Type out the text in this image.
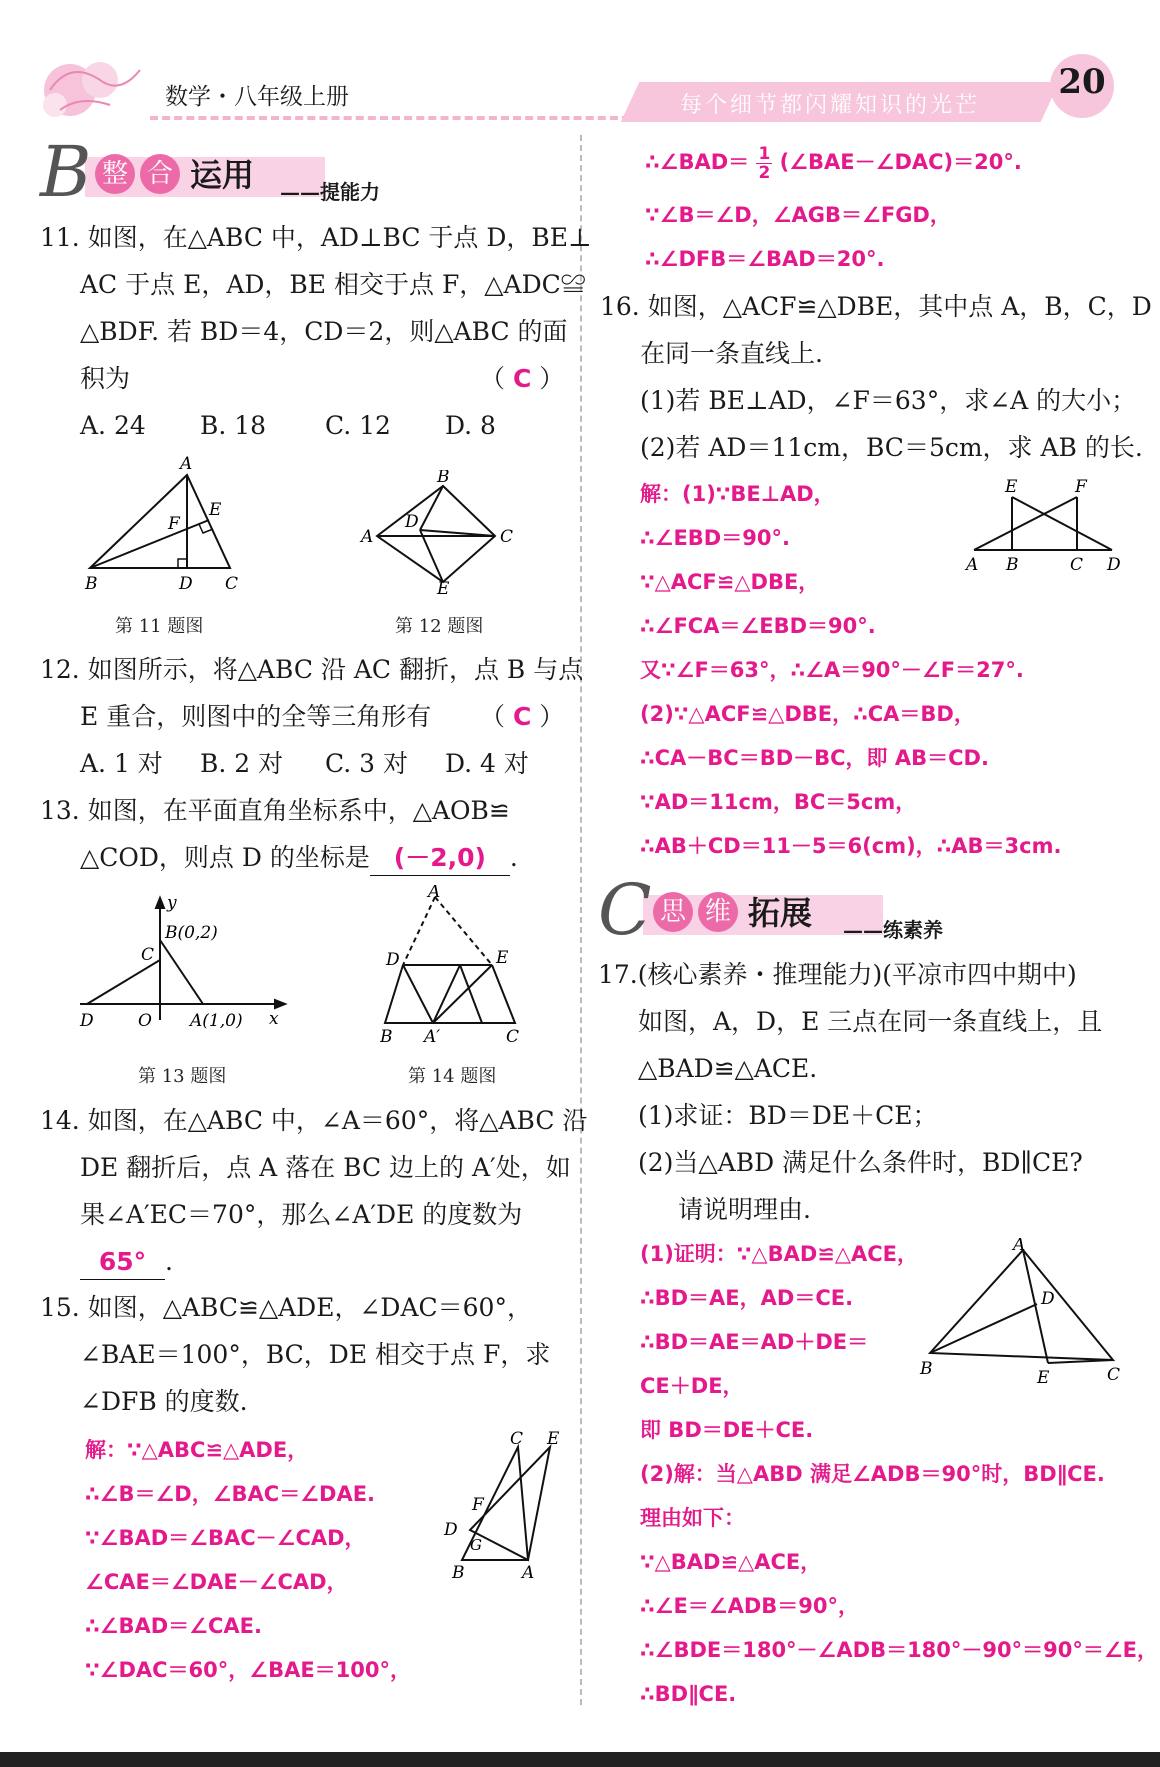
数学・八年级上册	每个细节都闪耀知识的光芒
20
B 整 合 运用 ——提能力
11. 如图，在△ABC 中，AD⊥BC 于点 D，BE⊥
AC 于点 E，AD，BE 相交于点 F，△ADC≌
△BDF. 若 BD＝4，CD＝2，则△ABC 的面
积为	（ C ）
A. 24 B. 18 C. 12 D. 8
A
B	C
D
E
F
第 11 题图
A
B
C
D
E
第 12 题图
12. 如图所示，将△ABC 沿 AC 翻折，点 B 与点
E 重合，则图中的全等三角形有 （ C ）
A. 1 对 B. 2 对 C. 3 对 D. 4 对
13. 如图，在平面直角坐标系中，△AOB≌
△COD，则点 D 的坐标是 (－2,0) .
y
B(0,2)
C
D	O A(1,0) x
第 13 题图
A
D	E
B A′	C
第 14 题图
14. 如图，在△ABC 中，∠A＝60°，将△ABC 沿
DE 翻折后，点 A 落在 BC 边上的 A′处，如
果∠A′EC＝70°，那么∠A′DE 的度数为
65° .
15. 如图，△ABC≌△ADE，∠DAC＝60°，
∠BAE＝100°，BC，DE 相交于点 F，求
∠DFB 的度数.
解：∵△ABC≌△ADE，
∴∠B＝∠D，∠BAC＝∠DAE.
∵∠BAD＝∠BAC－∠CAD，
∠CAE＝∠DAE－∠CAD，
∴∠BAD＝∠CAE.
∵∠DAC＝60°，∠BAE＝100°，
C E
F
D
G
B	A
∴∠BAD＝ $\frac{1}{2}$ (∠BAE－∠DAC)＝20°.
∵∠B＝∠D，∠AGB＝∠FGD，
∴∠DFB＝∠BAD＝20°.
16. 如图，△ACF≌△DBE，其中点 A，B，C，D
在同一条直线上.
(1)若 BE⊥AD，∠F＝63°，求∠A 的大小；
(2)若 AD＝11cm，BC＝5cm，求 AB 的长.
解：(1)∵BE⊥AD，
∴∠EBD＝90°.
∵△ACF≌△DBE，
∴∠FCA＝∠EBD＝90°.
又∵∠F＝63°，∴∠A＝90°－∠F＝27°.
(2)∵△ACF≌△DBE，∴CA＝BD，
∴CA－BC＝BD－BC，即 AB＝CD.
∵AD＝11cm，BC＝5cm，
∴AB＋CD＝11－5＝6(cm)，∴AB＝3cm.
E	F
A B	C D
C 思 维 拓展 ——练素养
17.(核心素养・推理能力)(平凉市四中期中)
如图，A，D，E 三点在同一条直线上，且
△BAD≌△ACE.
(1)求证：BD＝DE＋CE；
(2)当△ABD 满足什么条件时，BD∥CE?
请说明理由.
(1)证明：∵△BAD≌△ACE，
∴BD＝AE，AD＝CE.
∴BD＝AE＝AD＋DE＝
CE＋DE，
即 BD＝DE＋CE.
(2)解：当△ABD 满足∠ADB＝90°时，BD∥CE.
理由如下：
∵△BAD≌△ACE，
∴∠E＝∠ADB＝90°，
∴∠BDE＝180°－∠ADB＝180°－90°＝90°＝∠E，
∴BD∥CE.
A
D
B	E	C
